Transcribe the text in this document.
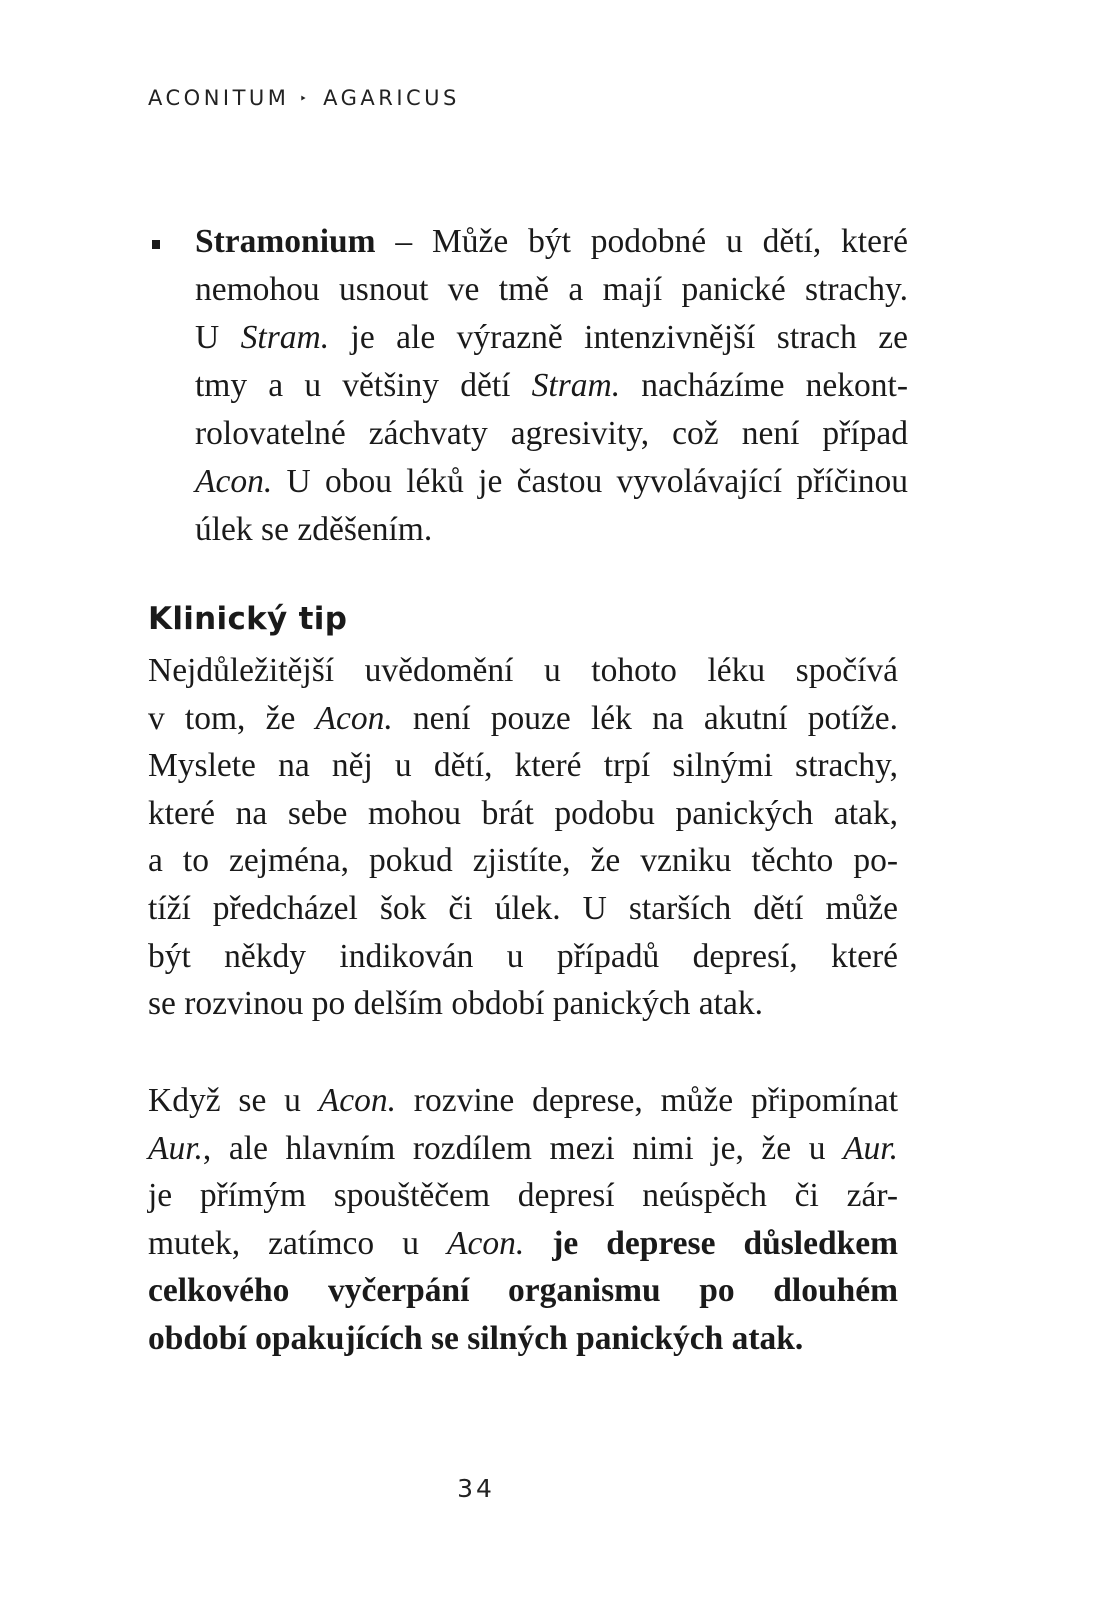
ACONITUM ‣ AGARICUS
Stramonium – Může být podobné u dětí, které
nemohou usnout ve tmě a mají panické strachy.
U Stram. je ale výrazně intenzivnější strach ze
tmy a u většiny dětí Stram. nacházíme nekont-
rolovatelné záchvaty agresivity, což není případ
Acon. U obou léků je častou vyvolávající příčinou
úlek se zděšením.
Klinický tip
Nejdůležitější uvědomění u tohoto léku spočívá
v tom, že Acon. není pouze lék na akutní potíže.
Myslete na něj u dětí, které trpí silnými strachy,
které na sebe mohou brát podobu panických atak,
a to zejména, pokud zjistíte, že vzniku těchto po-
tíží předcházel šok či úlek. U starších dětí může
být někdy indikován u případů depresí, které
se rozvinou po delším období panických atak.
Když se u Acon. rozvine deprese, může připomínat
Aur., ale hlavním rozdílem mezi nimi je, že u Aur.
je přímým spouštěčem depresí neúspěch či zár-
mutek, zatímco u Acon. je deprese důsledkem
celkového vyčerpání organismu po dlouhém
období opakujících se silných panických atak.
34
